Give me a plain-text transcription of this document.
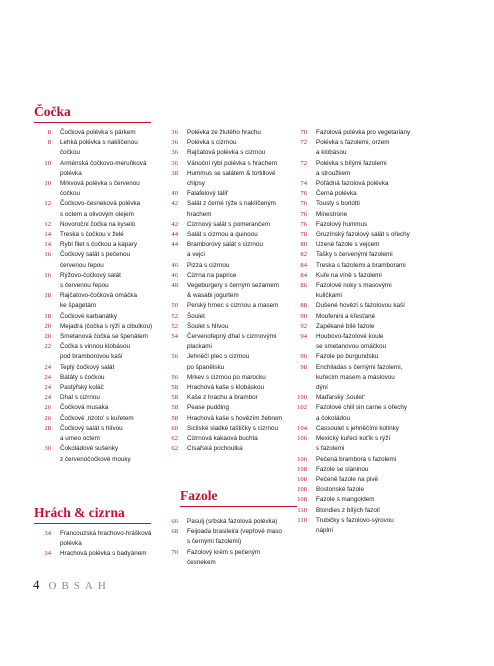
Čočka
8 Čočková polévka s párkem
8 Lehká polévka s naklíčenou
čočkou
10 Arménská čočkovo-meruňková
polévka
10 Mrkvová polévka s červenou
čočkou
12 Čočkovo-česneková polévka
s octem a olivovým olejem
12 Novoroční čočka na kyselo
14 Treska s čočkou v želé
14 Rybí filet s čočkou a kapary
16 Čočkový salát s pečenou
červenou řepou
16 Rýžovo-čočkový salát
s červenou řepou
18 Rajčatovo-čočková omáčka
ke špagetám
18 Čočkové karbanátky
20 Mejadra (čočka s rýží a cibulkou)
20 Smetanová čočka se špenátem
22 Čočka s vinnou klobásou
pod bramborovou kaší
24 Teplý čočkový salát
24 Batáty s čočkou
24 Pastýřský koláč
24 Dhal s cizrnou
26 Čočková musaka
26 Čočkové ‚rizoto' s kuřetem
28 Čočkový salát s hlívou
a umeo octem
30 Čokoládové sušenky
z červenočočkové mouky
Hrách & cizrna
34 Francouzská hrachovo-hrášková
polévka
34 Hrachová polévka s badyánem
36 Polévka ze žlutého hrachu
36 Polévka s cizrnou
36 Rajčatová polévka s cizrnou
36 Vánoční rybí polévka s hrachem
38 Hummus se salátem & tortillové
chipsy
40 Falafelový talíř
42 Salát z černé rýže s naklíčeným
hrachem
42 Cizrnový salát s pomerančem
44 Salát s cizrnou a quinoou
44 Bramborový salát s cizrnou
a vejci
46 Pizza s cizrnou
46 Cizrna na paprice
48 Vegeburgery s černým sezamem
& wasabi jogurtem
50 Perský hrnec s cizrnou a masem
52 Šoulet
52 Šoulet s hlívou
54 Červenofepný dhal s cizrnovými
plackami
56 Jehněčí plec s cizrnou
po španělsku
56 Mrkev s cizrnou po marocku
58 Hrachová kaše s klobáskou
58 Kaše z hrachu a brambor
58 Pease pudding
58 Hrachová kaše s hovězím žebrem
60 Sicilské sladké taštičky s cizrnou
62 Cizrnová kakaová buchta
62 Císařská pochoutka
Fazole
66 Pasulj (srbská fazolová polévka)
68 Feijoada brasileira (vepřové maso
s černými fazolemi)
70 Fazolový krém s pečeným
česnekem
70 Fazolová polévka pro vegetariány
72 Polévka s fazolemi, orzem
a klobásou
72 Polévka s bílými fazolemi
a stroužkem
74 Pořádná fazolová polévka
76 Černá polévka
76 Tousty s borlotti
76 Minestrone
76 Fazolový hummus
78 Gruzínský fazolový salát s ořechy
80 Uzené fazole s vejcem
82 Tašky s červenými fazolemi
84 Treska s fazolemi a bramborami
84 Kuře na víně s fazolemi
86 Fazolové noky s masovými
kuličkami
88 Dušené hovězí s fazolovou kaší
90 Moufenini a křesťané
92 Zapékané bílé fazole
94 Houbovo-fazolové koule
se smetanovou omáčkou
96 Fazole po burgundsku
98 Enchiladas s černými fazolemi,
kuřecím masem a máslovou
dýní
100 Maďarský ‚šoulet'
102 Fazolové chili sin carne s ořechy
a čokoládou
104 Cassoulet s jehněčími kolínky
106 Mexický kuřecí koťík s rýží
s fazolemi
106 Pečená brambora s fazolemi
108 Fazole se slaninou
108 Pečené fazole na pivě
108 Bostonské fazole
108 Fazole s mangoldem
110 Blondies z bílých fazolí
110 Trubičky s fazolovo-sýrovou
náplní
4 OBSAH
